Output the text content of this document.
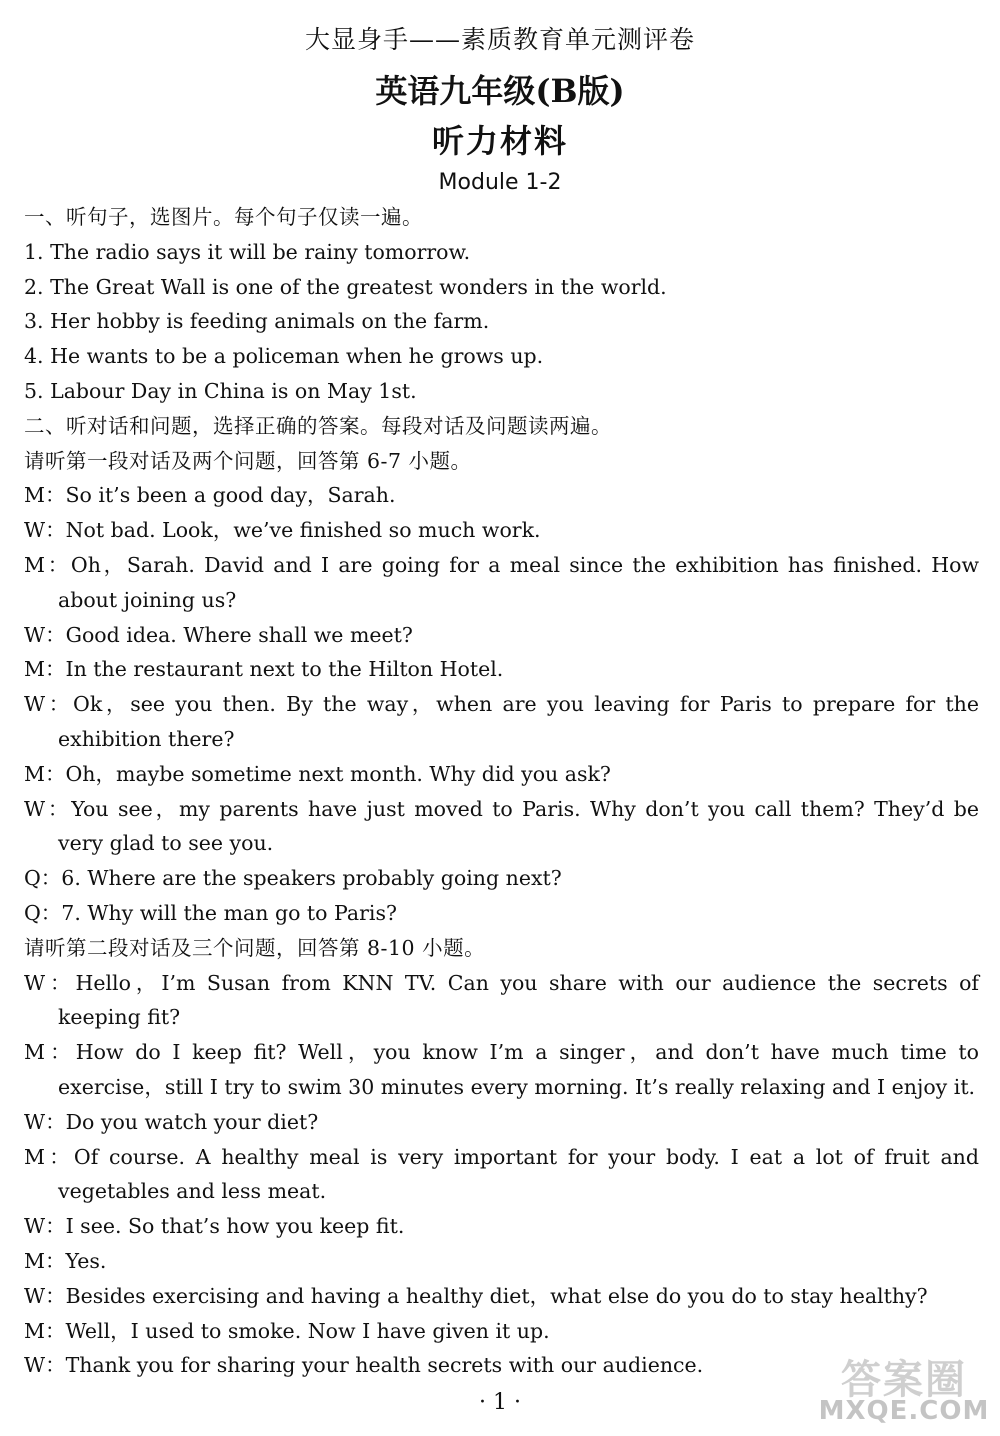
大显身手——素质教育单元测评卷
英语九年级(B版)
听力材料
Module 1-2
一、听句子，选图片。每个句子仅读一遍。
1. The radio says it will be rainy tomorrow.
2. The Great Wall is one of the greatest wonders in the world.
3. Her hobby is feeding animals on the farm.
4. He wants to be a policeman when he grows up.
5. Labour Day in China is on May 1st.
二、听对话和问题，选择正确的答案。每段对话及问题读两遍。
请听第一段对话及两个问题，回答第 6-7 小题。
M：So it’s been a good day，Sarah.
W：Not bad. Look，we’ve finished so much work.
M：Oh，Sarah. David and I are going for a meal since the exhibition has finished. How about joining us?
W：Good idea. Where shall we meet?
M：In the restaurant next to the Hilton Hotel.
W：Ok，see you then. By the way，when are you leaving for Paris to prepare for the exhibition there?
M：Oh，maybe sometime next month. Why did you ask?
W：You see，my parents have just moved to Paris. Why don’t you call them? They’d be very glad to see you.
Q：6. Where are the speakers probably going next?
Q：7. Why will the man go to Paris?
请听第二段对话及三个问题，回答第 8-10 小题。
W：Hello，I’m Susan from KNN TV. Can you share with our audience the secrets of keeping fit?
M：How do I keep fit? Well，you know I’m a singer，and don’t have much time to exercise，still I try to swim 30 minutes every morning. It’s really relaxing and I enjoy it.
W：Do you watch your diet?
M：Of course. A healthy meal is very important for your body. I eat a lot of fruit and vegetables and less meat.
W：I see. So that’s how you keep fit.
M：Yes.
W：Besides exercising and having a healthy diet，what else do you do to stay healthy?
M：Well，I used to smoke. Now I have given it up.
W：Thank you for sharing your health secrets with our audience.
· 1 ·	答案圈
MXQE.COM
